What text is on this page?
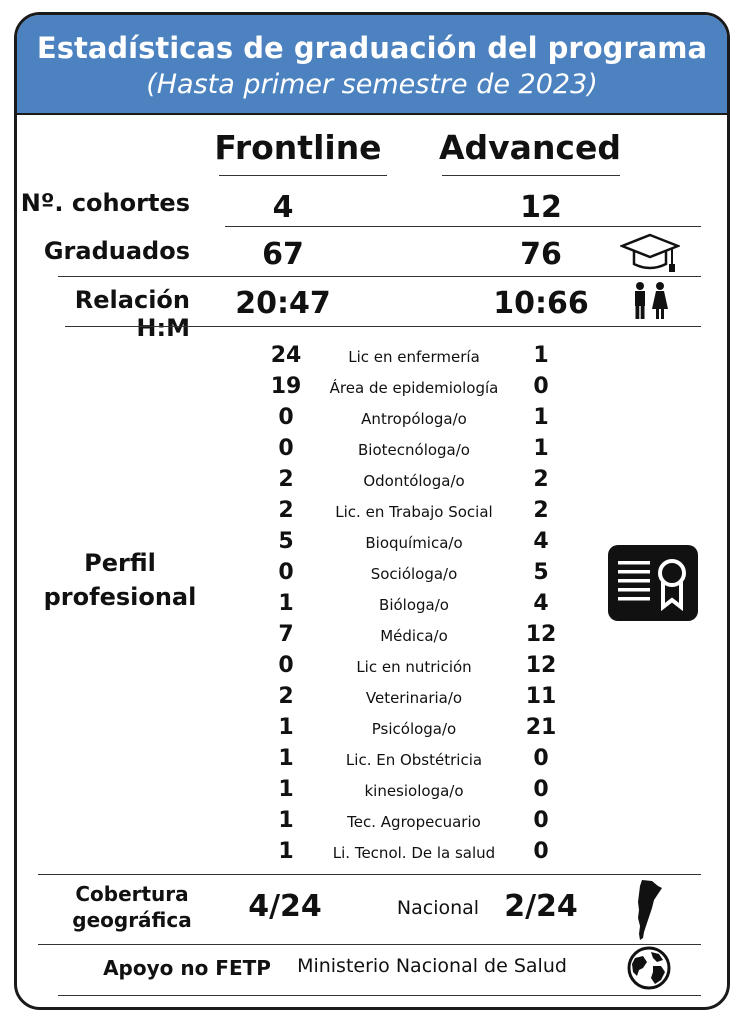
Estadísticas de graduación del programa
(Hasta primer semestre de 2023)
Frontline Advanced
Nº. cohortes	4	12
Graduados	67	76
Relación H:M
20:47	10:66
Perfil
profesional
24	Lic en enfermería	1
19	Área de epidemiología	0
0	Antropóloga/o	1
0	Biotecnóloga/o	1
2	Odontóloga/o	2
2	Lic. en Trabajo Social	2
5	Bioquímica/o	4
0	Socióloga/o	5
1	Bióloga/o	4
7	Médica/o	12
0	Lic en nutrición	12
2	Veterinaria/o	11
1	Psicóloga/o	21
1	Lic. En Obstétricia	0
1	kinesiologa/o	0
1	Tec. Agropecuario	0
1	Li. Tecnol. De la salud	0
Cobertura
geográfica	4/24	Nacional 2/24
Apoyo no FETP	Ministerio Nacional de Salud
